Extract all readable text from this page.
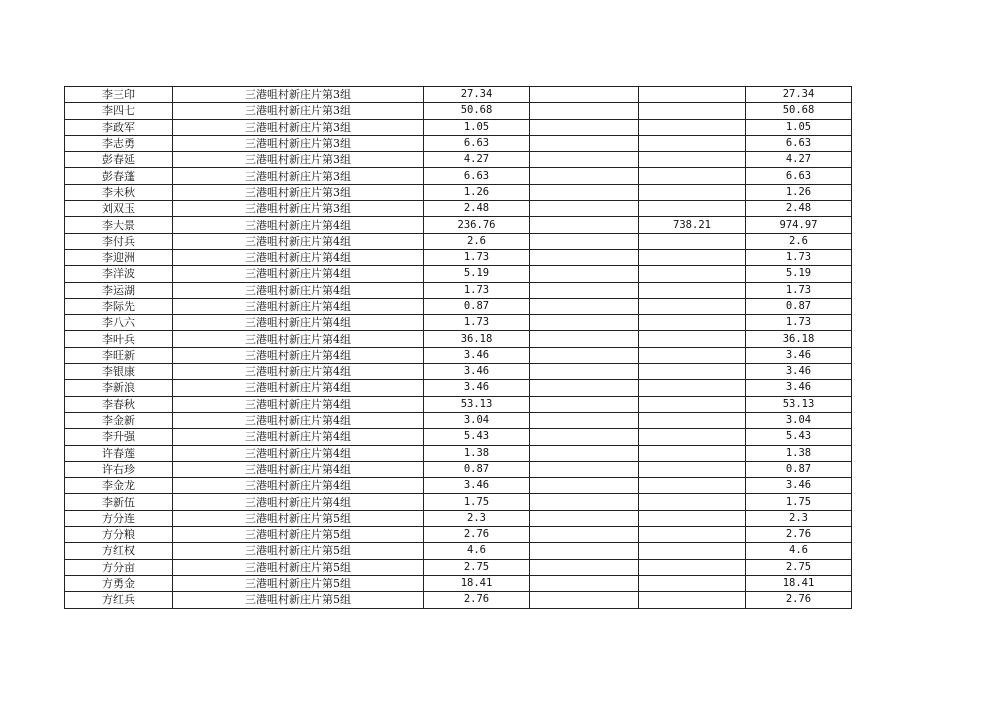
李三印	三港咀村新庄片第3组	27.34			27.34
李四七	三港咀村新庄片第3组	50.68			50.68
李政军	三港咀村新庄片第3组	1.05			1.05
李志勇	三港咀村新庄片第3组	6.63			6.63
彭春延	三港咀村新庄片第3组	4.27			4.27
彭春蓬	三港咀村新庄片第3组	6.63			6.63
李未秋	三港咀村新庄片第3组	1.26			1.26
刘双玉	三港咀村新庄片第3组	2.48			2.48
李大景	三港咀村新庄片第4组	236.76		738.21	974.97
李付兵	三港咀村新庄片第4组	2.6			2.6
李迎洲	三港咀村新庄片第4组	1.73			1.73
李洋波	三港咀村新庄片第4组	5.19			5.19
李运湖	三港咀村新庄片第4组	1.73			1.73
李际先	三港咀村新庄片第4组	0.87			0.87
李八六	三港咀村新庄片第4组	1.73			1.73
李叶兵	三港咀村新庄片第4组	36.18			36.18
李旺新	三港咀村新庄片第4组	3.46			3.46
李银康	三港咀村新庄片第4组	3.46			3.46
李新浪	三港咀村新庄片第4组	3.46			3.46
李春秋	三港咀村新庄片第4组	53.13			53.13
李金新	三港咀村新庄片第4组	3.04			3.04
李升强	三港咀村新庄片第4组	5.43			5.43
许春莲	三港咀村新庄片第4组	1.38			1.38
许右珍	三港咀村新庄片第4组	0.87			0.87
李金龙	三港咀村新庄片第4组	3.46			3.46
李新伍	三港咀村新庄片第4组	1.75			1.75
方分连	三港咀村新庄片第5组	2.3			2.3
方分粮	三港咀村新庄片第5组	2.76			2.76
方红权	三港咀村新庄片第5组	4.6			4.6
方分亩	三港咀村新庄片第5组	2.75			2.75
方勇金	三港咀村新庄片第5组	18.41			18.41
方红兵	三港咀村新庄片第5组	2.76			2.76
